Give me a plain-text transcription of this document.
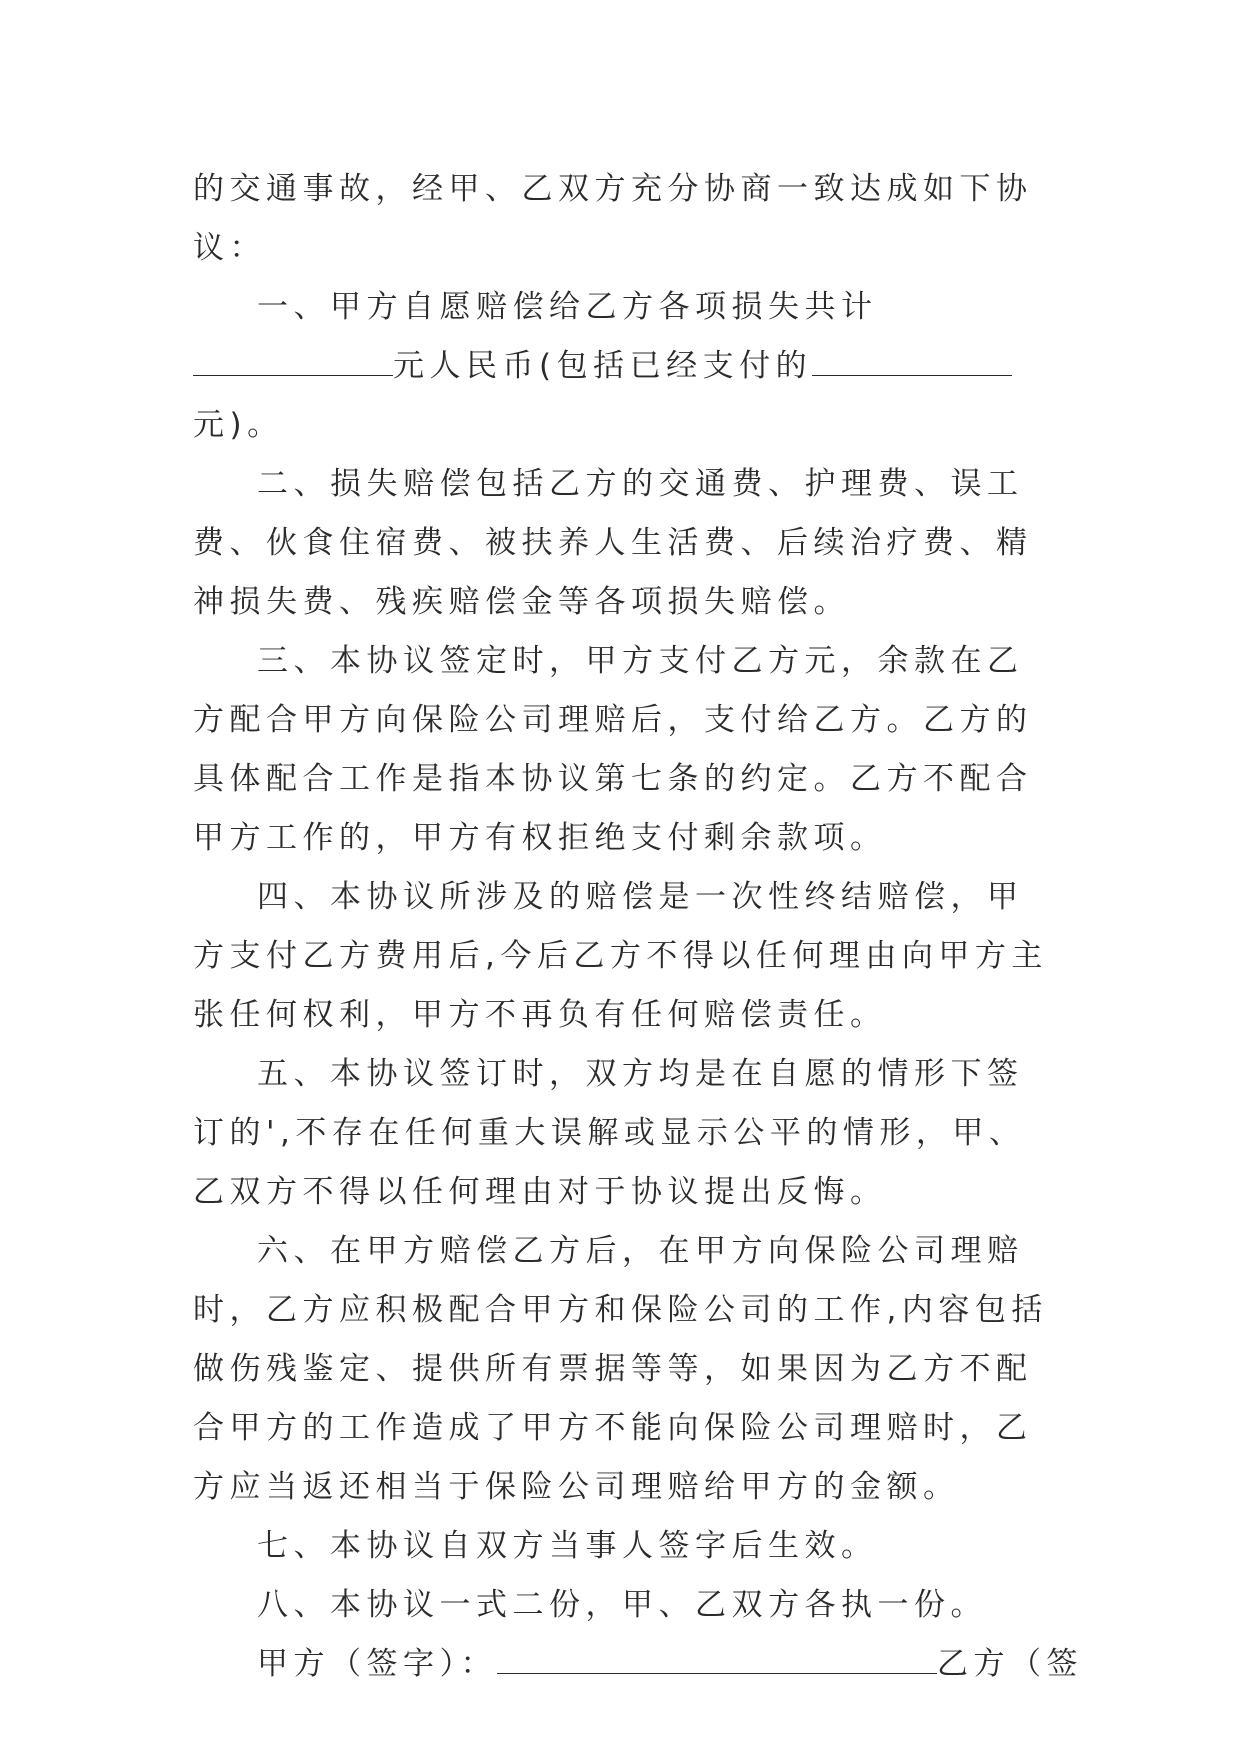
的交通事故，经甲、乙双方充分协商一致达成如下协议：

一、甲方自愿赔偿给乙方各项损失共计元人民币(包括已经支付的元)。

二、损失赔偿包括乙方的交通费、护理费、误工费、伙食住宿费、被扶养人生活费、后续治疗费、精神损失费、残疾赔偿金等各项损失赔偿。

三、本协议签定时，甲方支付乙方元，余款在乙方配合甲方向保险公司理赔后，支付给乙方。乙方的具体配合工作是指本协议第七条的约定。乙方不配合甲方工作的，甲方有权拒绝支付剩余款项。

四、本协议所涉及的赔偿是一次性终结赔偿，甲方支付乙方费用后,今后乙方不得以任何理由向甲方主张任何权利，甲方不再负有任何赔偿责任。

五、本协议签订时，双方均是在自愿的情形下签订的',不存在任何重大误解或显示公平的情形，甲、乙双方不得以任何理由对于协议提出反悔。

六、在甲方赔偿乙方后，在甲方向保险公司理赔时，乙方应积极配合甲方和保险公司的工作,内容包括做伤残鉴定、提供所有票据等等，如果因为乙方不配合甲方的工作造成了甲方不能向保险公司理赔时，乙方应当返还相当于保险公司理赔给甲方的金额。

七、本协议自双方当事人签字后生效。

八、本协议一式二份，甲、乙双方各执一份。

甲方（签字）：	乙方（签
